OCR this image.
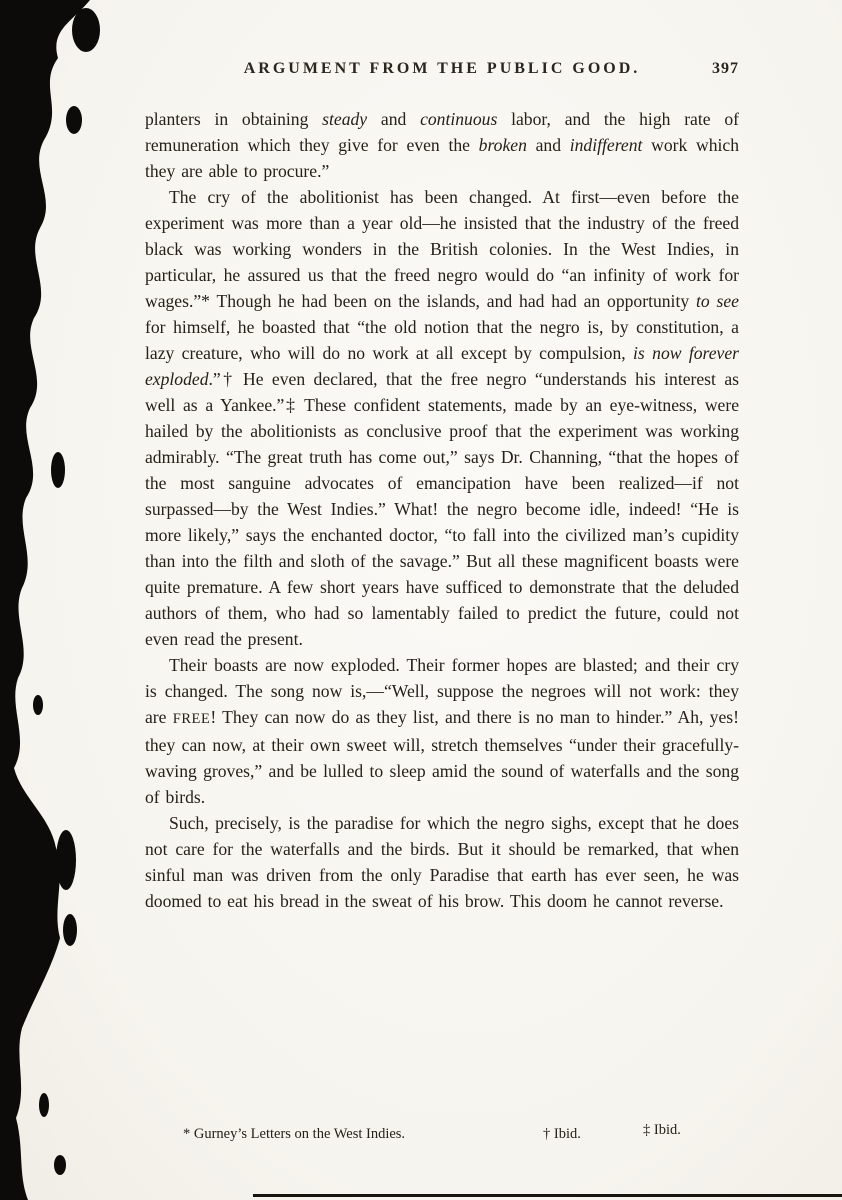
ARGUMENT FROM THE PUBLIC GOOD.	397

planters in obtaining steady and continuous labor, and the high rate of remuneration which they give for even the broken and indifferent work which they are able to procure.”

The cry of the abolitionist has been changed. At first—even before the experiment was more than a year old—he insisted that the industry of the freed black was working wonders in the British colonies. In the West Indies, in particular, he assured us that the freed negro would do “an infinity of work for wages.”* Though he had been on the islands, and had had an opportunity to see for himself, he boasted that “the old notion that the negro is, by constitution, a lazy creature, who will do no work at all except by compulsion, is now forever exploded.”† He even declared, that the free negro “understands his interest as well as a Yankee.”‡ These confident statements, made by an eye-witness, were hailed by the abolitionists as conclusive proof that the experiment was working admirably. “The great truth has come out,” says Dr. Channing, “that the hopes of the most sanguine advocates of emancipation have been realized—if not surpassed—by the West Indies.” What! the negro become idle, indeed! “He is more likely,” says the enchanted doctor, “to fall into the civilized man’s cupidity than into the filth and sloth of the savage.” But all these magnificent boasts were quite premature. A few short years have sufficed to demonstrate that the deluded authors of them, who had so lamentably failed to predict the future, could not even read the present.

Their boasts are now exploded. Their former hopes are blasted; and their cry is changed. The song now is,—“Well, suppose the negroes will not work: they are FREE! They can now do as they list, and there is no man to hinder.” Ah, yes! they can now, at their own sweet will, stretch themselves “under their gracefully-waving groves,” and be lulled to sleep amid the sound of waterfalls and the song of birds.

Such, precisely, is the paradise for which the negro sighs, except that he does not care for the waterfalls and the birds. But it should be remarked, that when sinful man was driven from the only Paradise that earth has ever seen, he was doomed to eat his bread in the sweat of his brow. This doom he cannot reverse.

* Gurney’s Letters on the West Indies.	† Ibid.	‡ Ibid.
